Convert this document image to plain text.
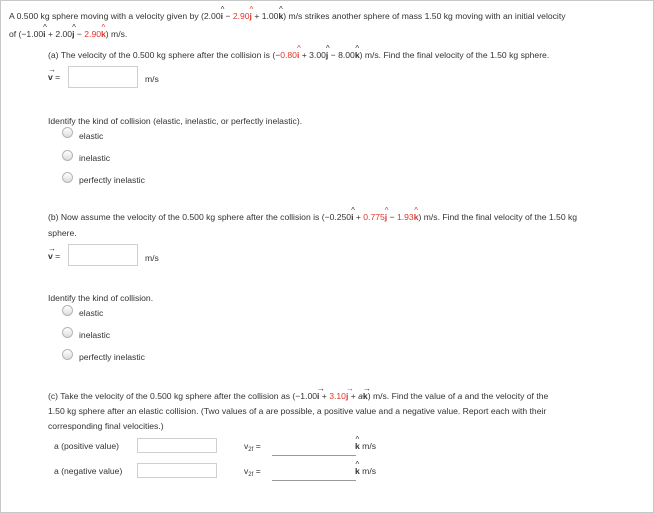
A 0.500 kg sphere moving with a velocity given by (2.00^ i − 2.90^ j + 1.00^ k) m/s strikes another sphere of mass 1.50 kg moving with an initial velocity
of (−1.00^ i + 2.00^ j − 2.90^ k) m/s.
(a) The velocity of the 0.500 kg sphere after the collision is (−0.80^ i + 3.00^ j − 8.00^ k) m/s. Find the final velocity of the 1.50 kg sphere.
→ v =	m/s
Identify the kind of collision (elastic, inelastic, or perfectly inelastic).
elastic
inelastic
perfectly inelastic
(b) Now assume the velocity of the 0.500 kg sphere after the collision is (−0.250^ i + 0.775^ j − 1.93^ k) m/s. Find the final velocity of the 1.50 kg
sphere.
→ v =	m/s
Identify the kind of collision.
elastic
inelastic
perfectly inelastic
(c) Take the velocity of the 0.500 kg sphere after the collision as (−1.00→ i + 3.10→ j + a→ k) m/s. Find the value of a and the velocity of the
1.50 kg sphere after an elastic collision. (Two values of a are possible, a positive value and a negative value. Report each with their
corresponding final velocities.)
a (positive value)	$v_{2f}$ =	^ k m/s
a (negative value)	$v_{2f}$ =	^ k m/s
